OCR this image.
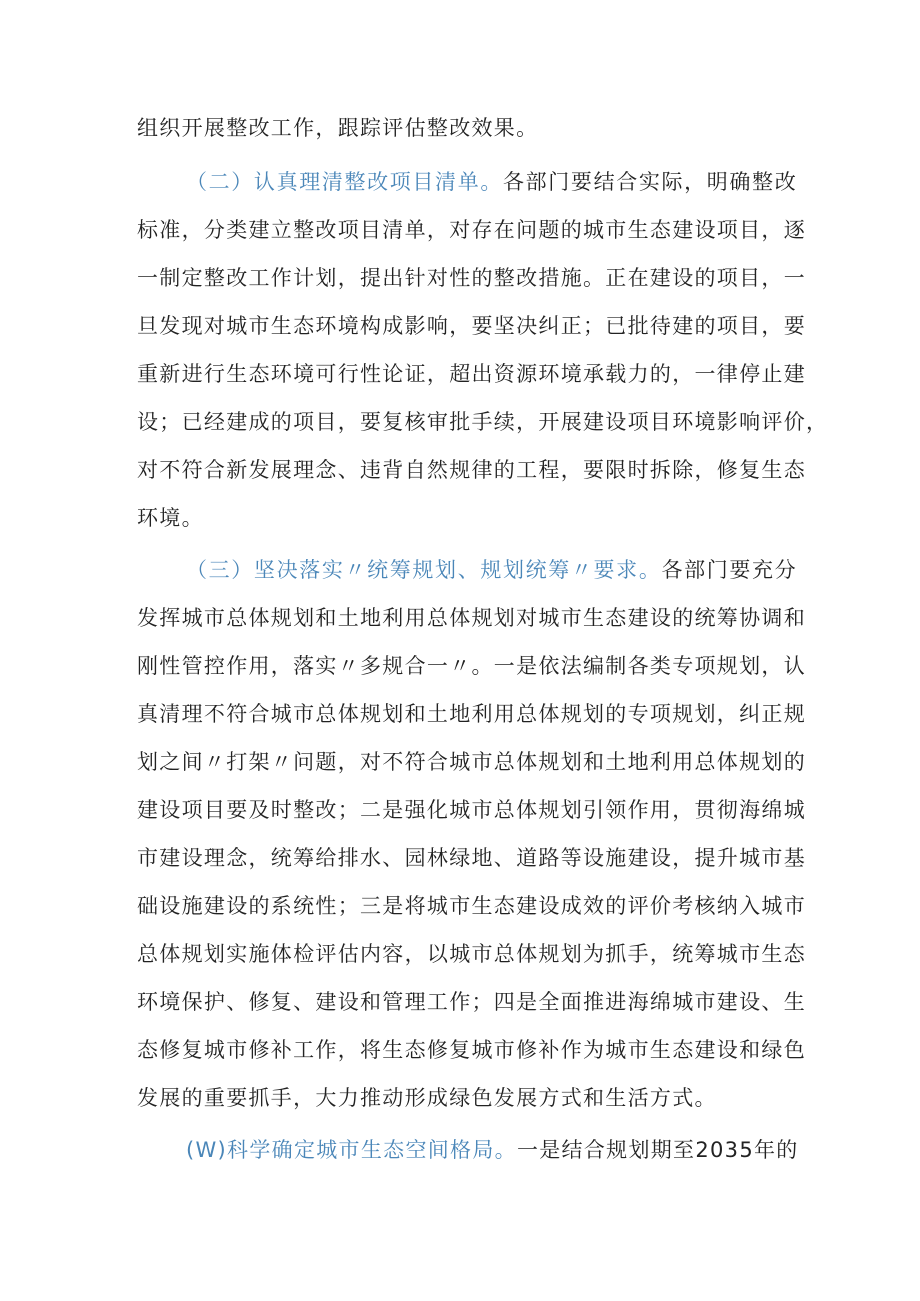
组织开展整改工作，跟踪评估整改效果。
（二）认真理清整改项目清单。各部门要结合实际，明确整改
标准，分类建立整改项目清单，对存在问题的城市生态建设项目，逐
一制定整改工作计划，提出针对性的整改措施。正在建设的项目，一
旦发现对城市生态环境构成影响，要坚决纠正；已批待建的项目，要
重新进行生态环境可行性论证，超出资源环境承载力的，一律停止建
设；已经建成的项目，要复核审批手续，开展建设项目环境影响评价，
对不符合新发展理念、违背自然规律的工程，要限时拆除，修复生态
环境。
（三）坚决落实〃统筹规划、规划统筹〃要求。各部门要充分
发挥城市总体规划和土地利用总体规划对城市生态建设的统筹协调和
刚性管控作用，落实〃多规合一〃。一是依法编制各类专项规划，认
真清理不符合城市总体规划和土地利用总体规划的专项规划，纠正规
划之间〃打架〃问题，对不符合城市总体规划和土地利用总体规划的
建设项目要及时整改；二是强化城市总体规划引领作用，贯彻海绵城
市建设理念，统筹给排水、园林绿地、道路等设施建设，提升城市基
础设施建设的系统性；三是将城市生态建设成效的评价考核纳入城市
总体规划实施体检评估内容，以城市总体规划为抓手，统筹城市生态
环境保护、修复、建设和管理工作；四是全面推进海绵城市建设、生
态修复城市修补工作，将生态修复城市修补作为城市生态建设和绿色
发展的重要抓手，大力推动形成绿色发展方式和生活方式。
(W)科学确定城市生态空间格局。一是结合规划期至2035年的
